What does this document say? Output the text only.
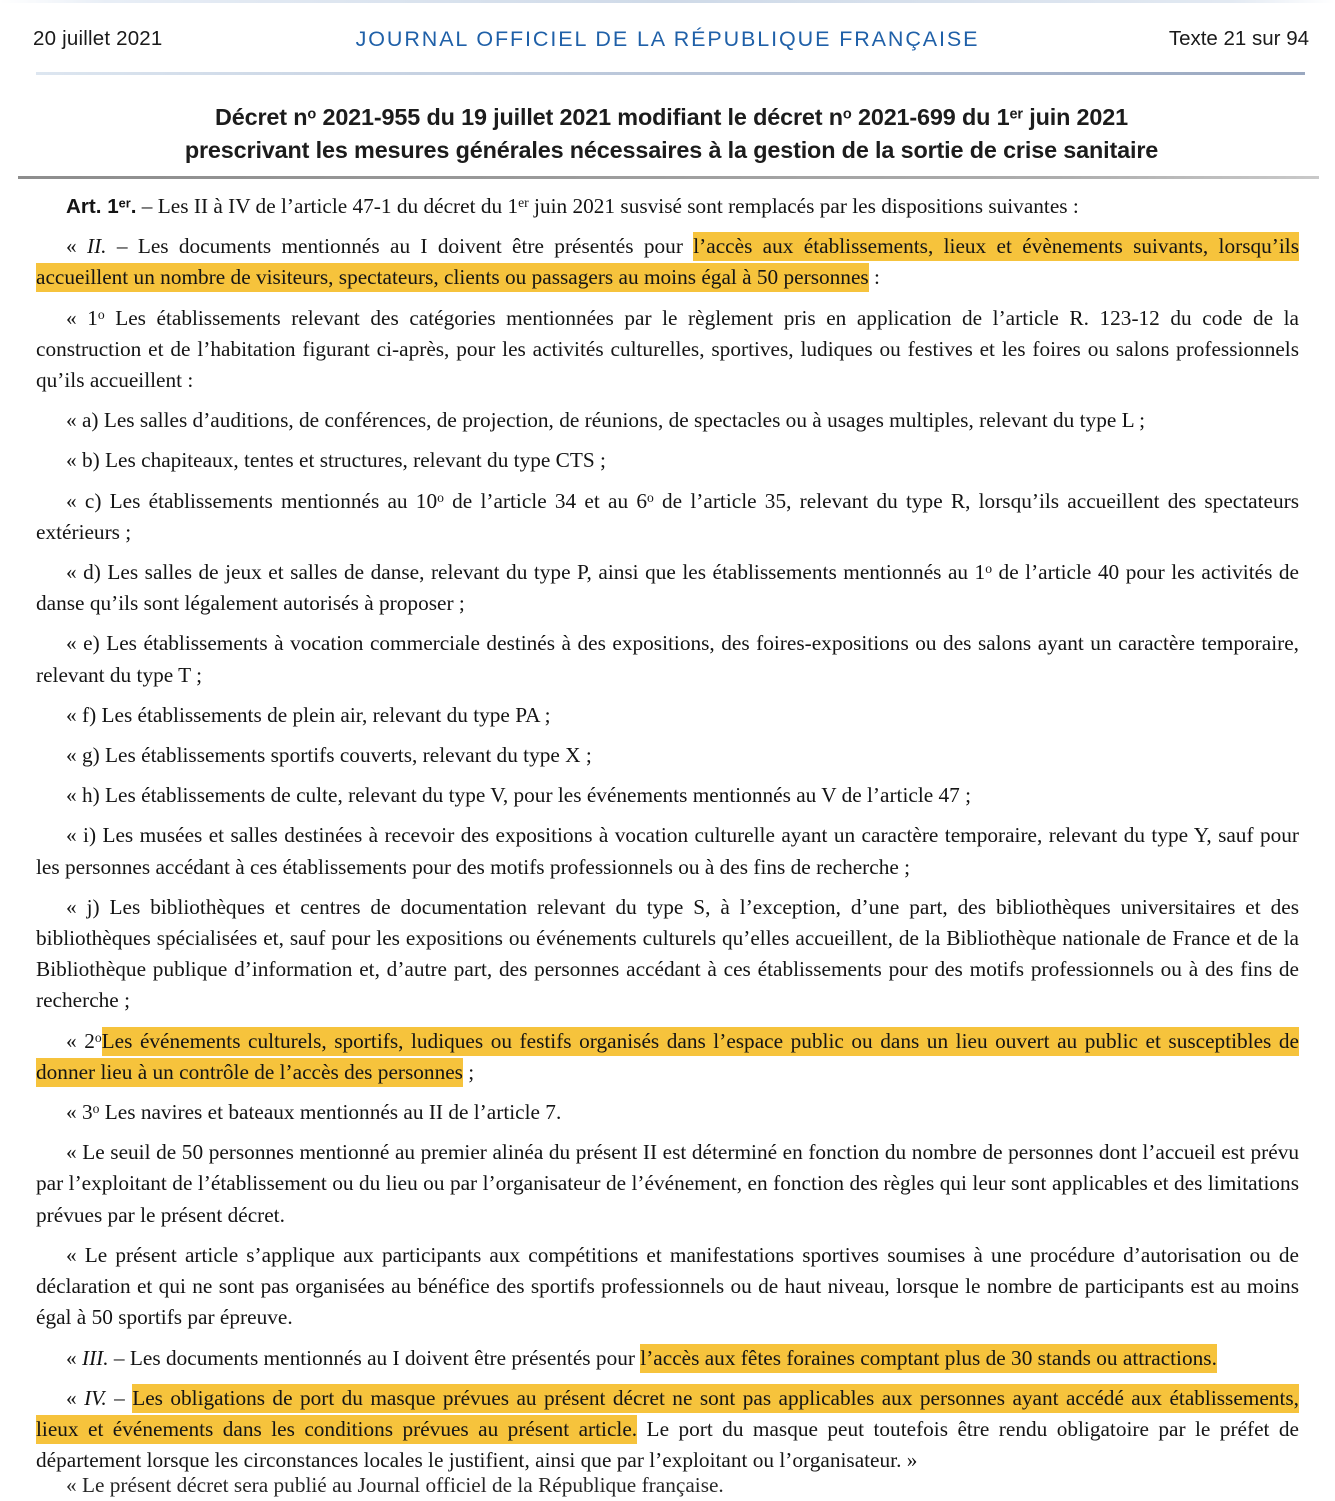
20 juillet 2021	JOURNAL OFFICIEL DE LA RÉPUBLIQUE FRANÇAISE	Texte 21 sur 94
Décret $n^o$ 2021-955 du 19 juillet 2021 modifiant le décret $n^o$ 2021-699 du 1er juin 2021
prescrivant les mesures générales nécessaires à la gestion de la sortie de crise sanitaire

Art. 1er. – Les II à IV de l’article 47-1 du décret du 1er juin 2021 susvisé sont remplacés par les dispositions suivantes :

« II. – Les documents mentionnés au I doivent être présentés pour l’accès aux établissements, lieux et évènements suivants, lorsqu’ils accueillent un nombre de visiteurs, spectateurs, clients ou passagers au moins égal à 50 personnes :

« 1$^o$ Les établissements relevant des catégories mentionnées par le règlement pris en application de l’article R. 123-12 du code de la construction et de l’habitation figurant ci-après, pour les activités culturelles, sportives, ludiques ou festives et les foires ou salons professionnels qu’ils accueillent :

« a) Les salles d’auditions, de conférences, de projection, de réunions, de spectacles ou à usages multiples, relevant du type L ;

« b) Les chapiteaux, tentes et structures, relevant du type CTS ;

« c) Les établissements mentionnés au 10$^o$ de l’article 34 et au 6$^o$ de l’article 35, relevant du type R, lorsqu’ils accueillent des spectateurs extérieurs ;

« d) Les salles de jeux et salles de danse, relevant du type P, ainsi que les établissements mentionnés au 1$^o$ de l’article 40 pour les activités de danse qu’ils sont légalement autorisés à proposer ;

« e) Les établissements à vocation commerciale destinés à des expositions, des foires-expositions ou des salons ayant un caractère temporaire, relevant du type T ;

« f) Les établissements de plein air, relevant du type PA ;

« g) Les établissements sportifs couverts, relevant du type X ;

« h) Les établissements de culte, relevant du type V, pour les événements mentionnés au V de l’article 47 ;

« i) Les musées et salles destinées à recevoir des expositions à vocation culturelle ayant un caractère temporaire, relevant du type Y, sauf pour les personnes accédant à ces établissements pour des motifs professionnels ou à des fins de recherche ;

« j) Les bibliothèques et centres de documentation relevant du type S, à l’exception, d’une part, des bibliothèques universitaires et des bibliothèques spécialisées et, sauf pour les expositions ou événements culturels qu’elles accueillent, de la Bibliothèque nationale de France et de la Bibliothèque publique d’information et, d’autre part, des personnes accédant à ces établissements pour des motifs professionnels ou à des fins de recherche ;

« 2$^o$Les événements culturels, sportifs, ludiques ou festifs organisés dans l’espace public ou dans un lieu ouvert au public et susceptibles de donner lieu à un contrôle de l’accès des personnes ;

« 3$^o$ Les navires et bateaux mentionnés au II de l’article 7.

« Le seuil de 50 personnes mentionné au premier alinéa du présent II est déterminé en fonction du nombre de personnes dont l’accueil est prévu par l’exploitant de l’établissement ou du lieu ou par l’organisateur de l’événement, en fonction des règles qui leur sont applicables et des limitations prévues par le présent décret.

« Le présent article s’applique aux participants aux compétitions et manifestations sportives soumises à une procédure d’autorisation ou de déclaration et qui ne sont pas organisées au bénéfice des sportifs professionnels ou de haut niveau, lorsque le nombre de participants est au moins égal à 50 sportifs par épreuve.

« III. – Les documents mentionnés au I doivent être présentés pour l’accès aux fêtes foraines comptant plus de 30 stands ou attractions.

« IV. – Les obligations de port du masque prévues au présent décret ne sont pas applicables aux personnes ayant accédé aux établissements, lieux et événements dans les conditions prévues au présent article. Le port du masque peut toutefois être rendu obligatoire par le préfet de département lorsque les circonstances locales le justifient, ainsi que par l’exploitant ou l’organisateur. »

« Le présent décret sera publié au Journal officiel de la République française.
